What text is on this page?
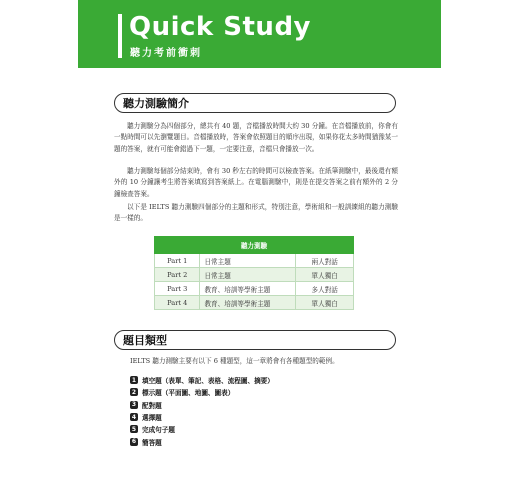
Quick Study
聽力考前衝刺
聽力測驗簡介
聽力測驗分為四個部分，總共有 40 題，音檔播放時間大約 30 分鐘。在音檔播放前，你會有一點時間可以先瀏覽題目。音檔播放時，答案會依照題目的順序出現，如果你花太多時間猶豫某一題的答案，就有可能會錯過下一題，一定要注意，音檔只會播放一次。
聽力測驗每個部分結束時，會有 30 秒左右的時間可以檢查答案。在紙筆測驗中，最後還有額外的 10 分鐘讓考生將答案填寫到答案紙上。在電腦測驗中，則是在提交答案之前有額外的 2 分鐘檢查答案。
以下是 IELTS 聽力測驗四個部分的主題和形式，特別注意，學術組和一般訓練組的聽力測驗是一樣的。
聽力測驗		
Part 1	日常主題	兩人對話
Part 2	日常主題	單人獨白
Part 3	教育、培訓等學術主題	多人對話
Part 4	教育、培訓等學術主題	單人獨白
題目類型
IELTS 聽力測驗主要有以下 6 種題型，這一章將會有各種題型的範例。
1 填空題（表單、筆記、表格、流程圖、摘要）
2 標示題（平面圖、地圖、圖表）
3 配對題
4 選擇題
5 完成句子題
6 簡答題
